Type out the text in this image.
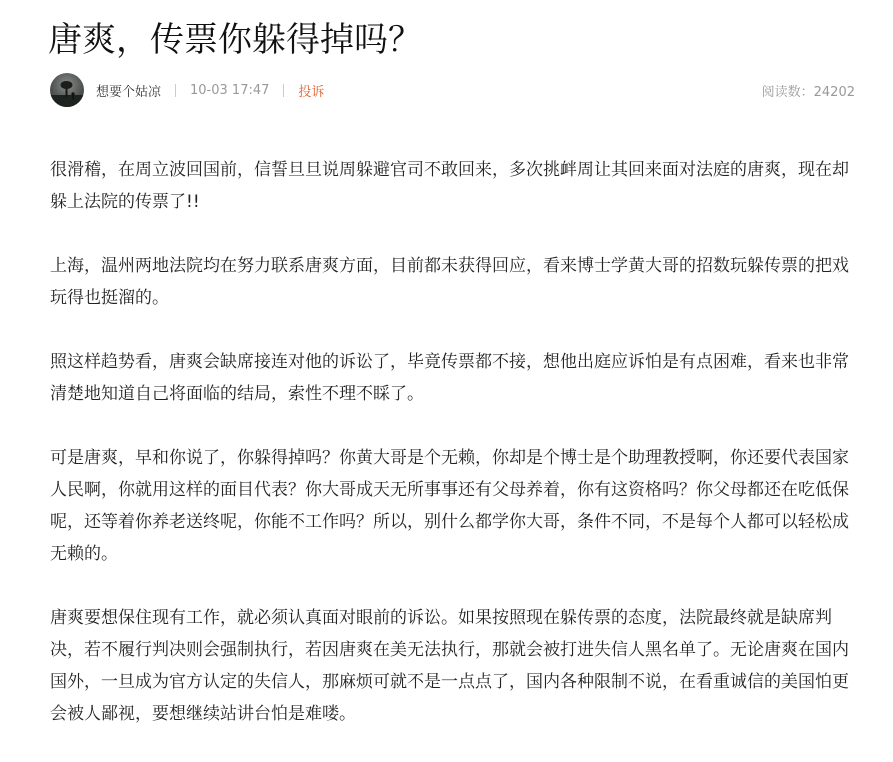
唐爽，传票你躲得掉吗？
想要个姑凉 10-03 17:47 投诉	阅读数：24202

很滑稽，在周立波回国前，信誓旦旦说周躲避官司不敢回来，多次挑衅周让其回来面对法庭的唐爽，现在却躲上法院的传票了!!

上海，温州两地法院均在努力联系唐爽方面，目前都未获得回应，看来博士学黄大哥的招数玩躲传票的把戏玩得也挺溜的。

照这样趋势看，唐爽会缺席接连对他的诉讼了，毕竟传票都不接，想他出庭应诉怕是有点困难，看来也非常清楚地知道自己将面临的结局，索性不理不睬了。

可是唐爽，早和你说了，你躲得掉吗？你黄大哥是个无赖，你却是个博士是个助理教授啊，你还要代表国家人民啊，你就用这样的面目代表？你大哥成天无所事事还有父母养着，你有这资格吗？你父母都还在吃低保呢，还等着你养老送终呢，你能不工作吗？所以，别什么都学你大哥，条件不同，不是每个人都可以轻松成无赖的。

唐爽要想保住现有工作，就必须认真面对眼前的诉讼。如果按照现在躲传票的态度，法院最终就是缺席判决，若不履行判决则会强制执行，若因唐爽在美无法执行，那就会被打进失信人黑名单了。无论唐爽在国内国外，一旦成为官方认定的失信人，那麻烦可就不是一点点了，国内各种限制不说，在看重诚信的美国怕更会被人鄙视，要想继续站讲台怕是难喽。
